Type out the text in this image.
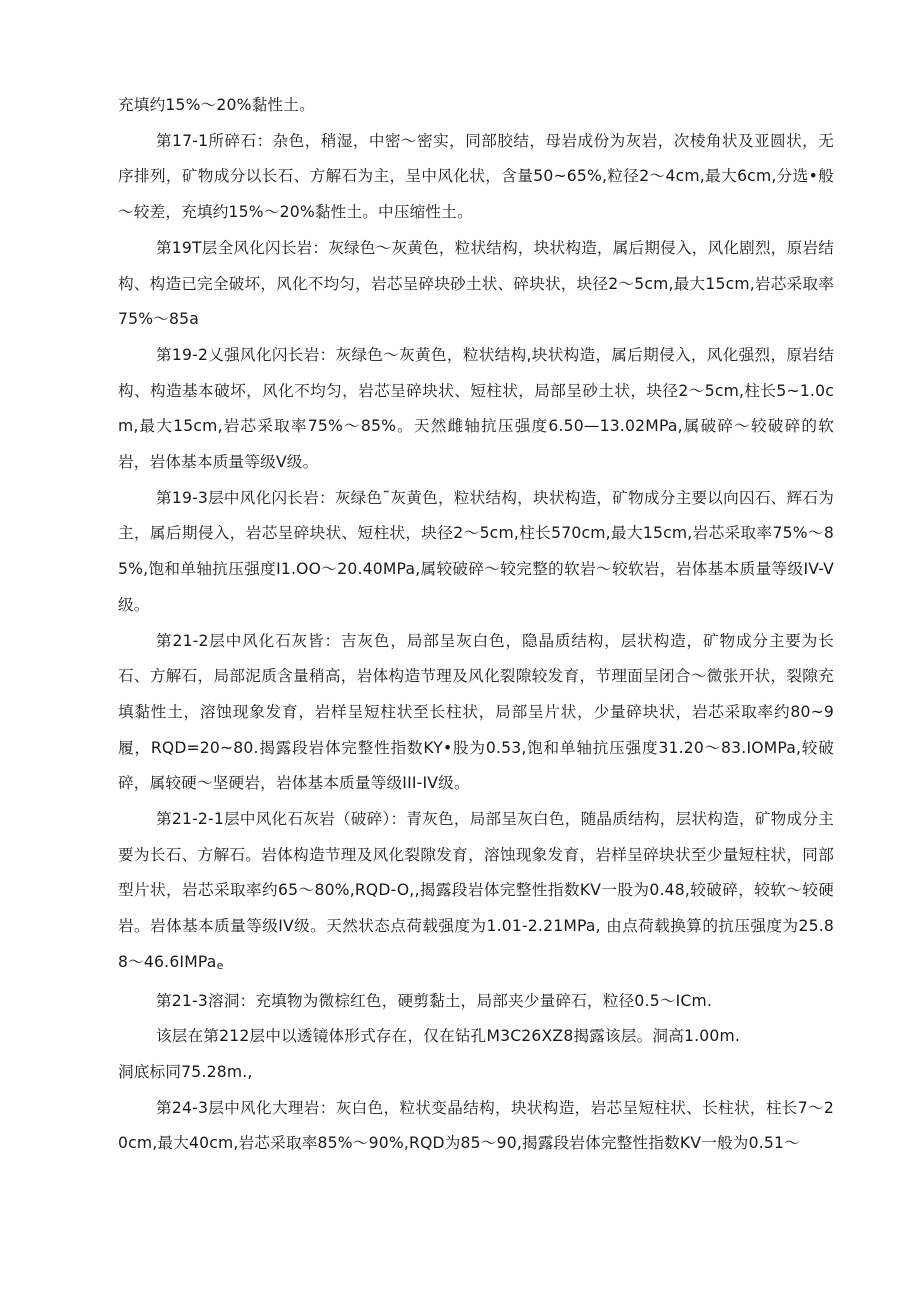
充填约15%〜20%黏性土。

第17-1所碎石：杂色，稍湿，中密～密实，同部胶结，母岩成份为灰岩，次棱角状及亚圆状，无序排列，矿物成分以长石、方解石为主，呈中风化状，含量50~65%,粒径2〜4cm,最大6cm,分选•般～较差，充填约15%〜20%黏性土。中压缩性土。

第19T层全风化闪长岩：灰绿色～灰黄色，粒状结构，块状构造，属后期侵入，风化剧烈，原岩结构、构造已完全破坏，风化不均匀，岩芯呈碎块砂土状、碎块状，块径2〜5cm,最大15cm,岩芯采取率75%〜85a

第19-2乂强风化闪长岩：灰绿色～灰黄色，粒状结构,块状构造，属后期侵入，风化强烈，原岩结构、构造基本破坏，风化不均匀，岩芯呈碎块状、短柱状，局部呈砂土状，块径2〜5cm,柱长5~1.0cm,最大15cm,岩芯采取率75%〜85%。天然雌轴抗压强度6.50—13.02MPa,属破碎～较破碎的软岩，岩体基本质量等级V级。

第19-3层中风化闪长岩：灰绿色˜灰黄色，粒状结构，块状构造，矿物成分主要以向囚石、辉石为主，属后期侵入，岩芯呈碎块状、短柱状，块径2〜5cm,柱长570cm,最大15cm,岩芯采取率75%〜85%,饱和单轴抗压强度I1.OO〜20.40MPa,属较破碎～较完整的软岩～较软岩，岩体基本质量等级IV-V级。

第21-2层中风化石灰皆：吉灰色，局部呈灰白色，隐晶质结构，层状构造，矿物成分主要为长石、方解石，局部泥质含量稍高，岩体构造节理及风化裂隙较发育，节理面呈闭合～微张开状，裂隙充填黏性土，溶蚀现象发育，岩样呈短柱状至长柱状，局部呈片状，少量碎块状，岩芯采取率约80~9履，RQD=20~80.揭露段岩体完整性指数KY•股为0.53,饱和单轴抗压强度31.20〜83.IOMPa,较破碎，属较硬～坚硬岩，岩体基本质量等级III-IV级。

第21-2-1层中风化石灰岩（破碎）：青灰色，局部呈灰白色，随晶质结构，层状构造，矿物成分主要为长石、方解石。岩体构造节理及风化裂隙发育，溶蚀现象发育，岩样呈碎块状至少量短柱状，同部型片状，岩芯采取率约65〜80%,RQD-O,,揭露段岩体完整性指数KV一股为0.48,较破碎，较软～较硬岩。岩体基本质量等级IV级。天然状态点荷载强度为1.01-2.21MPa, 由点荷载换算的抗压强度为25.88〜46.6IMPae

第21-3溶洞：充填物为微棕红色，硬剪黏土，局部夹少量碎石，粒径0.5〜ICm.

该层在第212层中以透镜体形式存在，仅在钻孔M3C26XZ8揭露该层。洞高1.00m.

洞底标同75.28m.,

第24-3层中风化大理岩：灰白色，粒状变晶结构，块状构造，岩芯呈短柱状、长柱状，柱长7〜20cm,最大40cm,岩芯采取率85%〜90%,RQD为85〜90,揭露段岩体完整性指数KV一般为0.51〜
